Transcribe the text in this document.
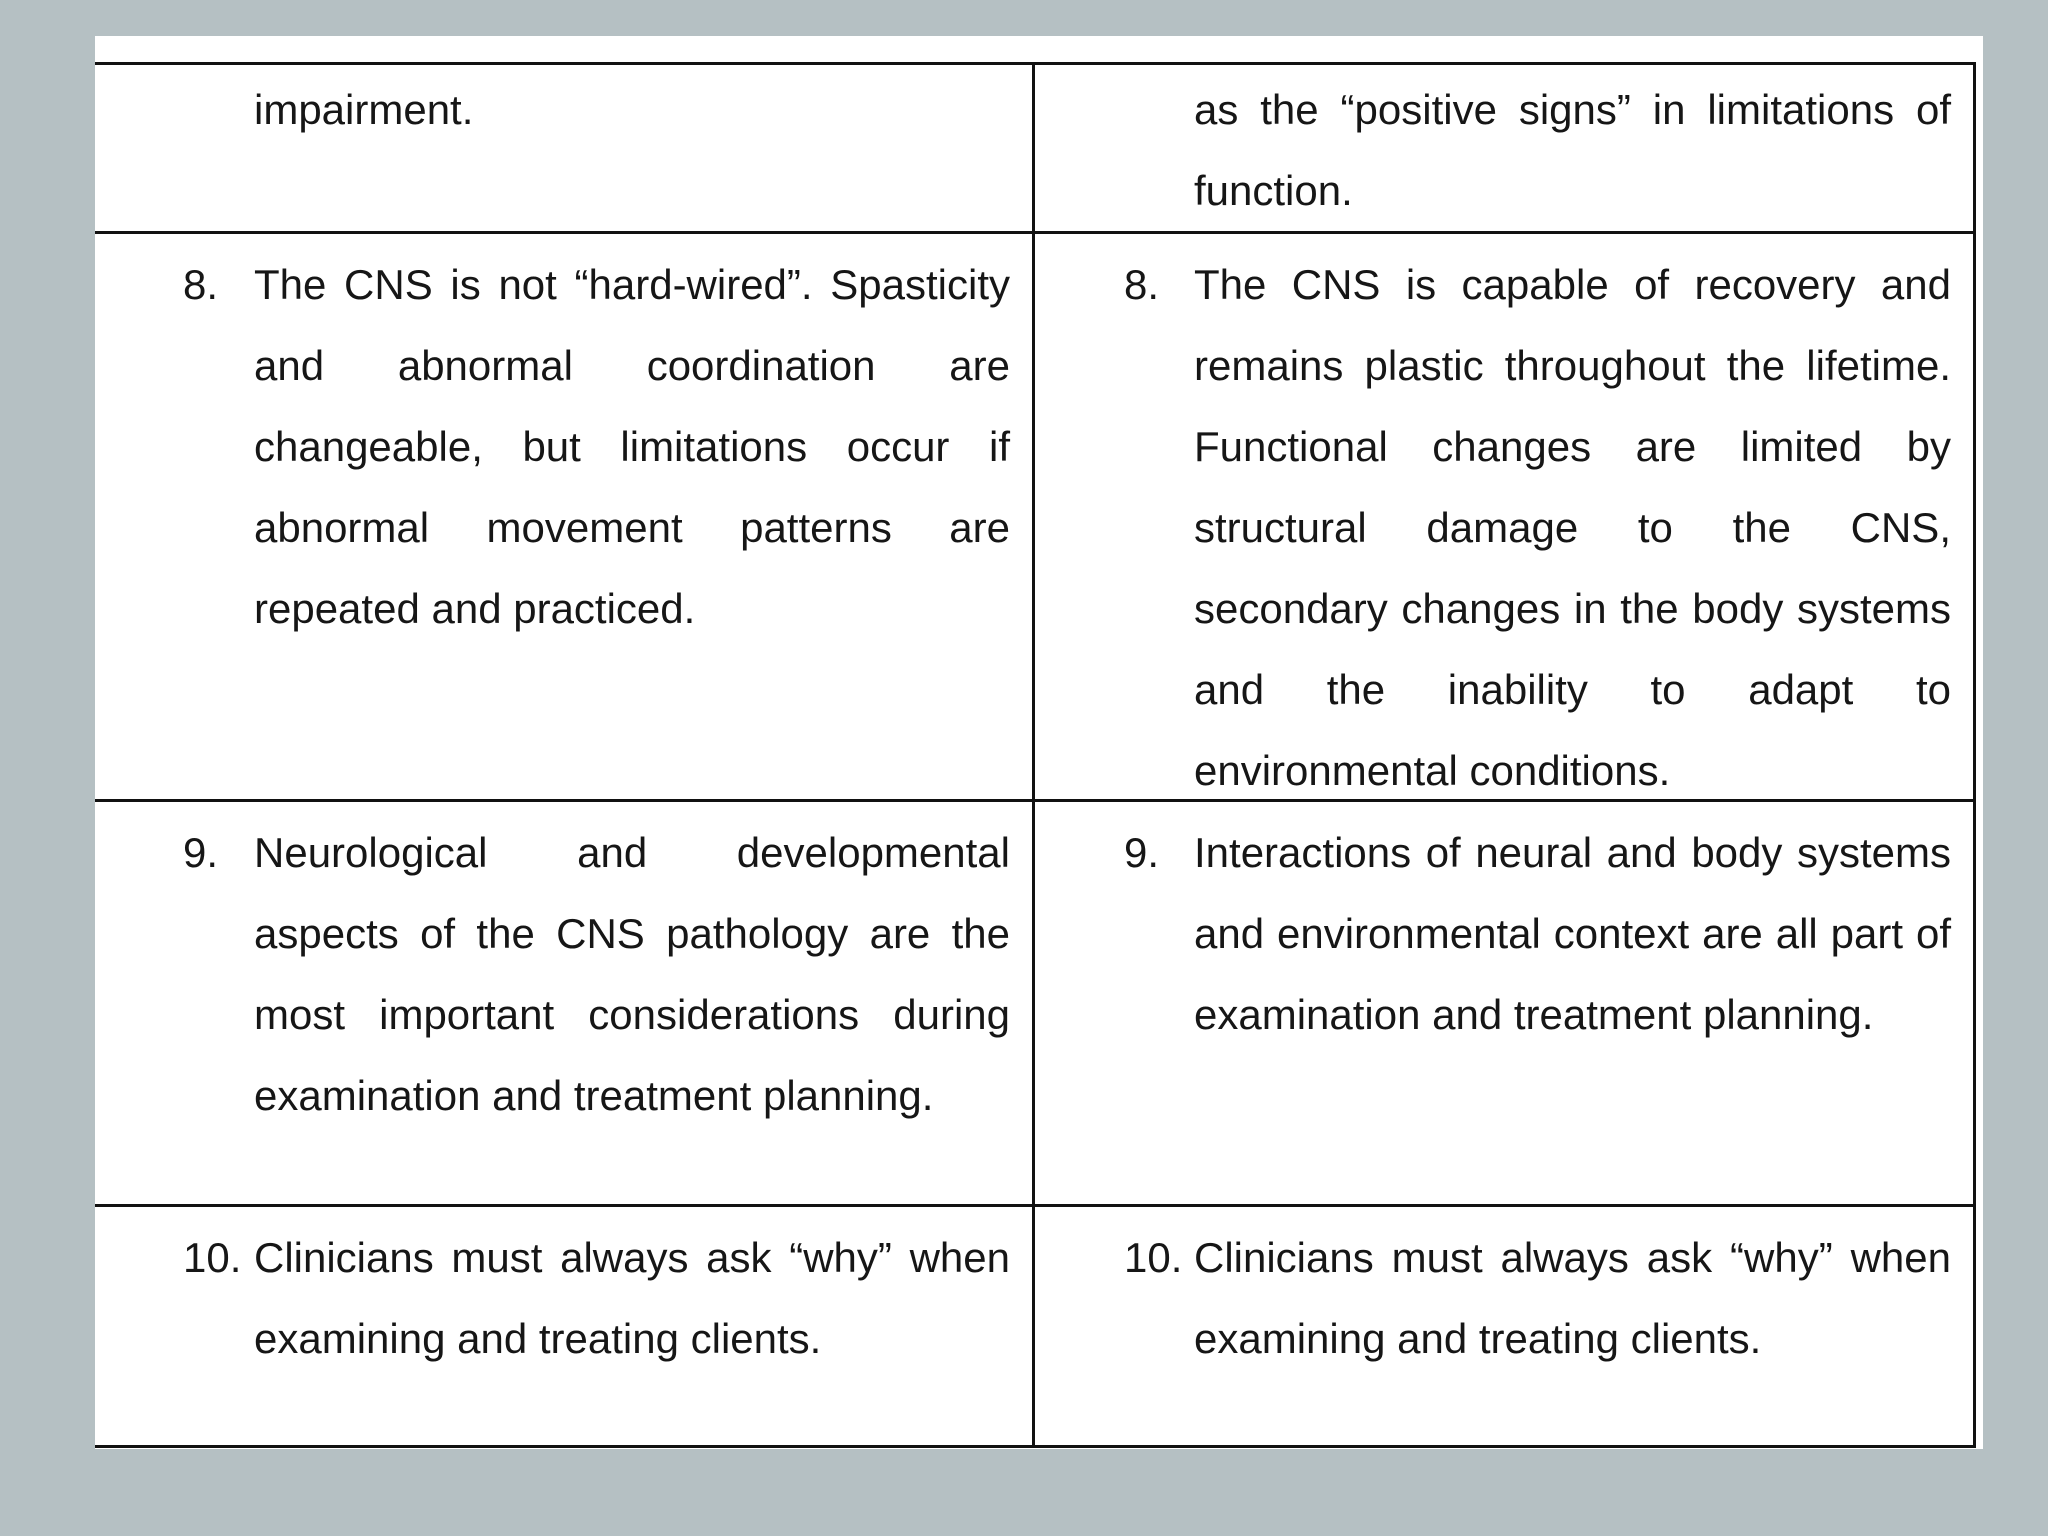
impairment.	as the “positive signs” in limitations of function.

8. The CNS is not “hard-wired”. Spasticity and abnormal coordination are changeable, but limitations occur if abnormal movement patterns are repeated and practiced.	8. The CNS is capable of recovery and remains plastic throughout the lifetime. Functional changes are limited by structural damage to the CNS, secondary changes in the body systems and the inability to adapt to environmental conditions.

9. Neurological and developmental aspects of the CNS pathology are the most important considerations during examination and treatment planning.	9. Interactions of neural and body systems and environmental context are all part of examination and treatment planning.

10. Clinicians must always ask “why” when examining and treating clients.	10. Clinicians must always ask “why” when examining and treating clients.
